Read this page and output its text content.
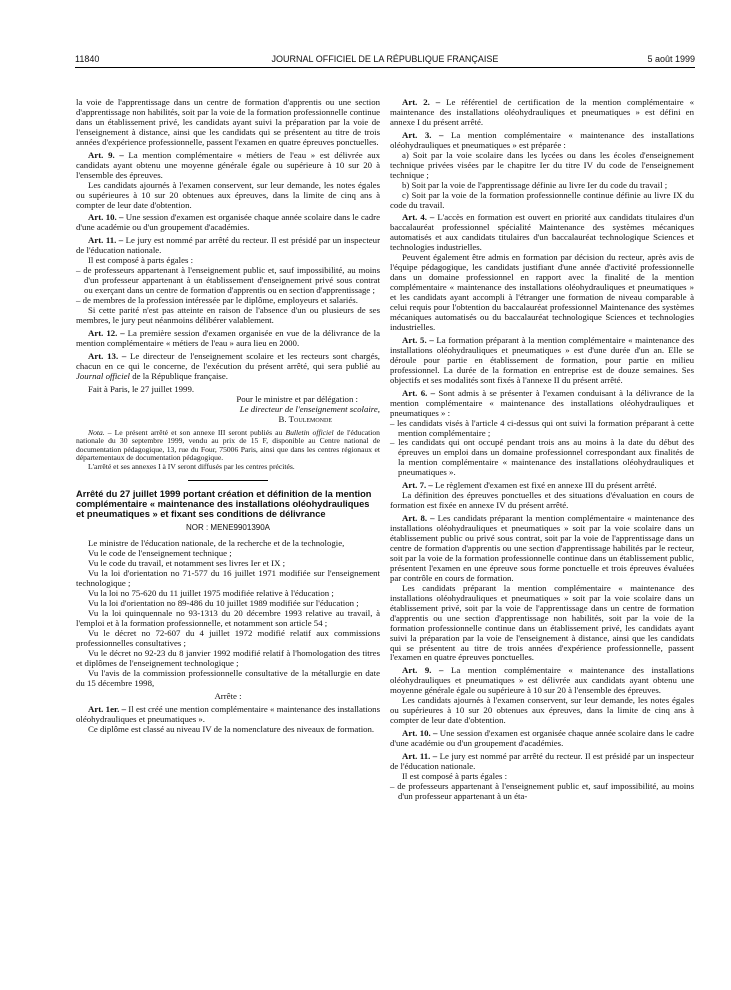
11840	JOURNAL OFFICIEL DE LA RÉPUBLIQUE FRANÇAISE	5 août 1999

la voie de l'apprentissage dans un centre de formation d'apprentis ou une section d'apprentissage non habilités, soit par la voie de la formation professionnelle continue dans un établissement privé, les candidats ayant suivi la préparation par la voie de l'enseignement à distance, ainsi que les candidats qui se présentent au titre de trois années d'expérience professionnelle, passent l'examen en quatre épreuves ponctuelles.

Art. 9. – La mention complémentaire « métiers de l'eau » est délivrée aux candidats ayant obtenu une moyenne générale égale ou supérieure à 10 sur 20 à l'ensemble des épreuves.

Les candidats ajournés à l'examen conservent, sur leur demande, les notes égales ou supérieures à 10 sur 20 obtenues aux épreuves, dans la limite de cinq ans à compter de leur date d'obtention.

Art. 10. – Une session d'examen est organisée chaque année scolaire dans le cadre d'une académie ou d'un groupement d'académies.

Art. 11. – Le jury est nommé par arrêté du recteur. Il est présidé par un inspecteur de l'éducation nationale.

Il est composé à parts égales :

– de professeurs appartenant à l'enseignement public et, sauf impossibilité, au moins d'un professeur appartenant à un établissement d'enseignement privé sous contrat ou exerçant dans un centre de formation d'apprentis ou en section d'apprentissage ;
– de membres de la profession intéressée par le diplôme, employeurs et salariés.

Si cette parité n'est pas atteinte en raison de l'absence d'un ou plusieurs de ses membres, le jury peut néanmoins délibérer valablement.

Art. 12. – La première session d'examen organisée en vue de la délivrance de la mention complémentaire « métiers de l'eau » aura lieu en 2000.

Art. 13. – Le directeur de l'enseignement scolaire et les recteurs sont chargés, chacun en ce qui le concerne, de l'exécution du présent arrêté, qui sera publié au Journal officiel de la République française.

Fait à Paris, le 27 juillet 1999.

Pour le ministre et par délégation :

Le directeur de l'enseignement scolaire,

B. Toulemonde

Nota. – Le présent arrêté et son annexe III seront publiés au Bulletin officiel de l'éducation nationale du 30 septembre 1999, vendu au prix de 15 F, disponible au Centre national de documentation pédagogique, 13, rue du Four, 75006 Paris, ainsi que dans les centres régionaux et départementaux de documentation pédagogique.

L'arrêté et ses annexes I à IV seront diffusés par les centres précités.

Arrêté du 27 juillet 1999 portant création et définition de la mention complémentaire « maintenance des installations oléohydrauliques et pneumatiques » et fixant ses conditions de délivrance

NOR : MENE9901390A

Le ministre de l'éducation nationale, de la recherche et de la technologie,

Vu le code de l'enseignement technique ;

Vu le code du travail, et notamment ses livres Ier et IX ;

Vu la loi d'orientation no 71-577 du 16 juillet 1971 modifiée sur l'enseignement technologique ;

Vu la loi no 75-620 du 11 juillet 1975 modifiée relative à l'éducation ;

Vu la loi d'orientation no 89-486 du 10 juillet 1989 modifiée sur l'éducation ;

Vu la loi quinquennale no 93-1313 du 20 décembre 1993 relative au travail, à l'emploi et à la formation professionnelle, et notamment son article 54 ;

Vu le décret no 72-607 du 4 juillet 1972 modifié relatif aux commissions professionnelles consultatives ;

Vu le décret no 92-23 du 8 janvier 1992 modifié relatif à l'homologation des titres et diplômes de l'enseignement technologique ;

Vu l'avis de la commission professionnelle consultative de la métallurgie en date du 15 décembre 1998,

Arrête :

Art. 1er. – Il est créé une mention complémentaire « maintenance des installations oléohydrauliques et pneumatiques ».

Ce diplôme est classé au niveau IV de la nomenclature des niveaux de formation.

Art. 2. – Le référentiel de certification de la mention complémentaire « maintenance des installations oléohydrauliques et pneumatiques » est défini en annexe I du présent arrêté.

Art. 3. – La mention complémentaire « maintenance des installations oléohydrauliques et pneumatiques » est préparée :

a) Soit par la voie scolaire dans les lycées ou dans les écoles d'enseignement technique privées visées par le chapitre Ier du titre IV du code de l'enseignement technique ;

b) Soit par la voie de l'apprentissage définie au livre Ier du code du travail ;

c) Soit par la voie de la formation professionnelle continue définie au livre IX du code du travail.

Art. 4. – L'accès en formation est ouvert en priorité aux candidats titulaires d'un baccalauréat professionnel spécialité Maintenance des systèmes mécaniques automatisés et aux candidats titulaires d'un baccalauréat technologique Sciences et technologies industrielles.

Peuvent également être admis en formation par décision du recteur, après avis de l'équipe pédagogique, les candidats justifiant d'une année d'activité professionnelle dans un domaine professionnel en rapport avec la finalité de la mention complémentaire « maintenance des installations oléohydrauliques et pneumatiques » et les candidats ayant accompli à l'étranger une formation de niveau comparable à celui requis pour l'obtention du baccalauréat professionnel Maintenance des systèmes mécaniques automatisés ou du baccalauréat technologique Sciences et technologies industrielles.

Art. 5. – La formation préparant à la mention complémentaire « maintenance des installations oléohydrauliques et pneumatiques » est d'une durée d'un an. Elle se déroule pour partie en établissement de formation, pour partie en milieu professionnel. La durée de la formation en entreprise est de douze semaines. Ses objectifs et ses modalités sont fixés à l'annexe II du présent arrêté.

Art. 6. – Sont admis à se présenter à l'examen conduisant à la délivrance de la mention complémentaire « maintenance des installations oléohydrauliques et pneumatiques » :

– les candidats visés à l'article 4 ci-dessus qui ont suivi la formation préparant à cette mention complémentaire ;
– les candidats qui ont occupé pendant trois ans au moins à la date du début des épreuves un emploi dans un domaine professionnel correspondant aux finalités de la mention complémentaire « maintenance des installations oléohydrauliques et pneumatiques ».

Art. 7. – Le règlement d'examen est fixé en annexe III du présent arrêté.

La définition des épreuves ponctuelles et des situations d'évaluation en cours de formation est fixée en annexe IV du présent arrêté.

Art. 8. – Les candidats préparant la mention complémentaire « maintenance des installations oléohydrauliques et pneumatiques » soit par la voie scolaire dans un établissement public ou privé sous contrat, soit par la voie de l'apprentissage dans un centre de formation d'apprentis ou une section d'apprentissage habilités par le recteur, soit par la voie de la formation professionnelle continue dans un établissement public, présentent l'examen en une épreuve sous forme ponctuelle et trois épreuves évaluées par contrôle en cours de formation.

Les candidats préparant la mention complémentaire « maintenance des installations oléohydrauliques et pneumatiques » soit par la voie scolaire dans un établissement privé, soit par la voie de l'apprentissage dans un centre de formation d'apprentis ou une section d'apprentissage non habilités, soit par la voie de la formation professionnelle continue dans un établissement privé, les candidats ayant suivi la préparation par la voie de l'enseignement à distance, ainsi que les candidats qui se présentent au titre de trois années d'expérience professionnelle, passent l'examen en quatre épreuves ponctuelles.

Art. 9. – La mention complémentaire « maintenance des installations oléohydrauliques et pneumatiques » est délivrée aux candidats ayant obtenu une moyenne générale égale ou supérieure à 10 sur 20 à l'ensemble des épreuves.

Les candidats ajournés à l'examen conservent, sur leur demande, les notes égales ou supérieures à 10 sur 20 obtenues aux épreuves, dans la limite de cinq ans à compter de leur date d'obtention.

Art. 10. – Une session d'examen est organisée chaque année scolaire dans le cadre d'une académie ou d'un groupement d'académies.

Art. 11. – Le jury est nommé par arrêté du recteur. Il est présidé par un inspecteur de l'éducation nationale.

Il est composé à parts égales :

– de professeurs appartenant à l'enseignement public et, sauf impossibilité, au moins d'un professeur appartenant à un éta-
